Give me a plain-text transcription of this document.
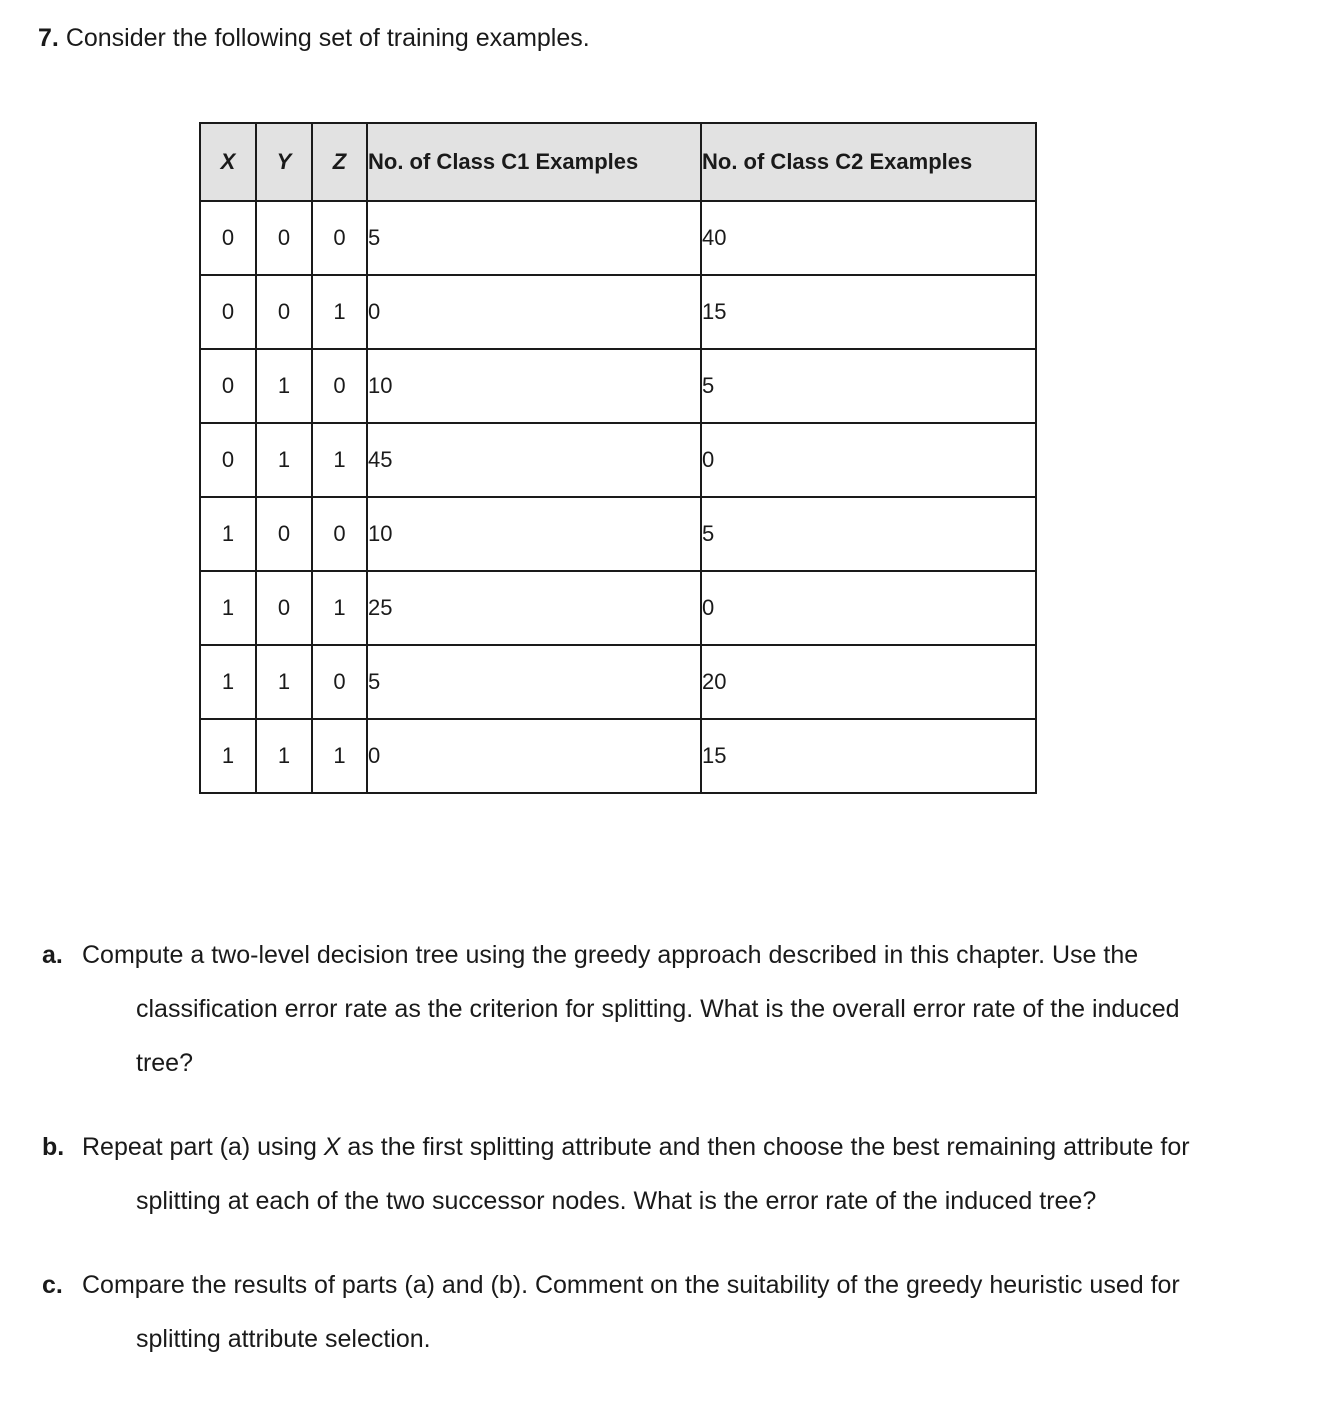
7. Consider the following set of training examples.
X	Y	Z	No. of Class C1 Examples	No. of Class C2 Examples
0	0	0	5	40
0	0	1	0	15
0	1	0	10	5
0	1	1	45	0
1	0	0	10	5
1	0	1	25	0
1	1	0	5	20
1	1	1	0	15
a. Compute a two-level decision tree using the greedy approach described in this chapter. Use the
classification error rate as the criterion for splitting. What is the overall error rate of the induced
tree?
b. Repeat part (a) using X as the first splitting attribute and then choose the best remaining attribute for
splitting at each of the two successor nodes. What is the error rate of the induced tree?
c. Compare the results of parts (a) and (b). Comment on the suitability of the greedy heuristic used for
splitting attribute selection.
